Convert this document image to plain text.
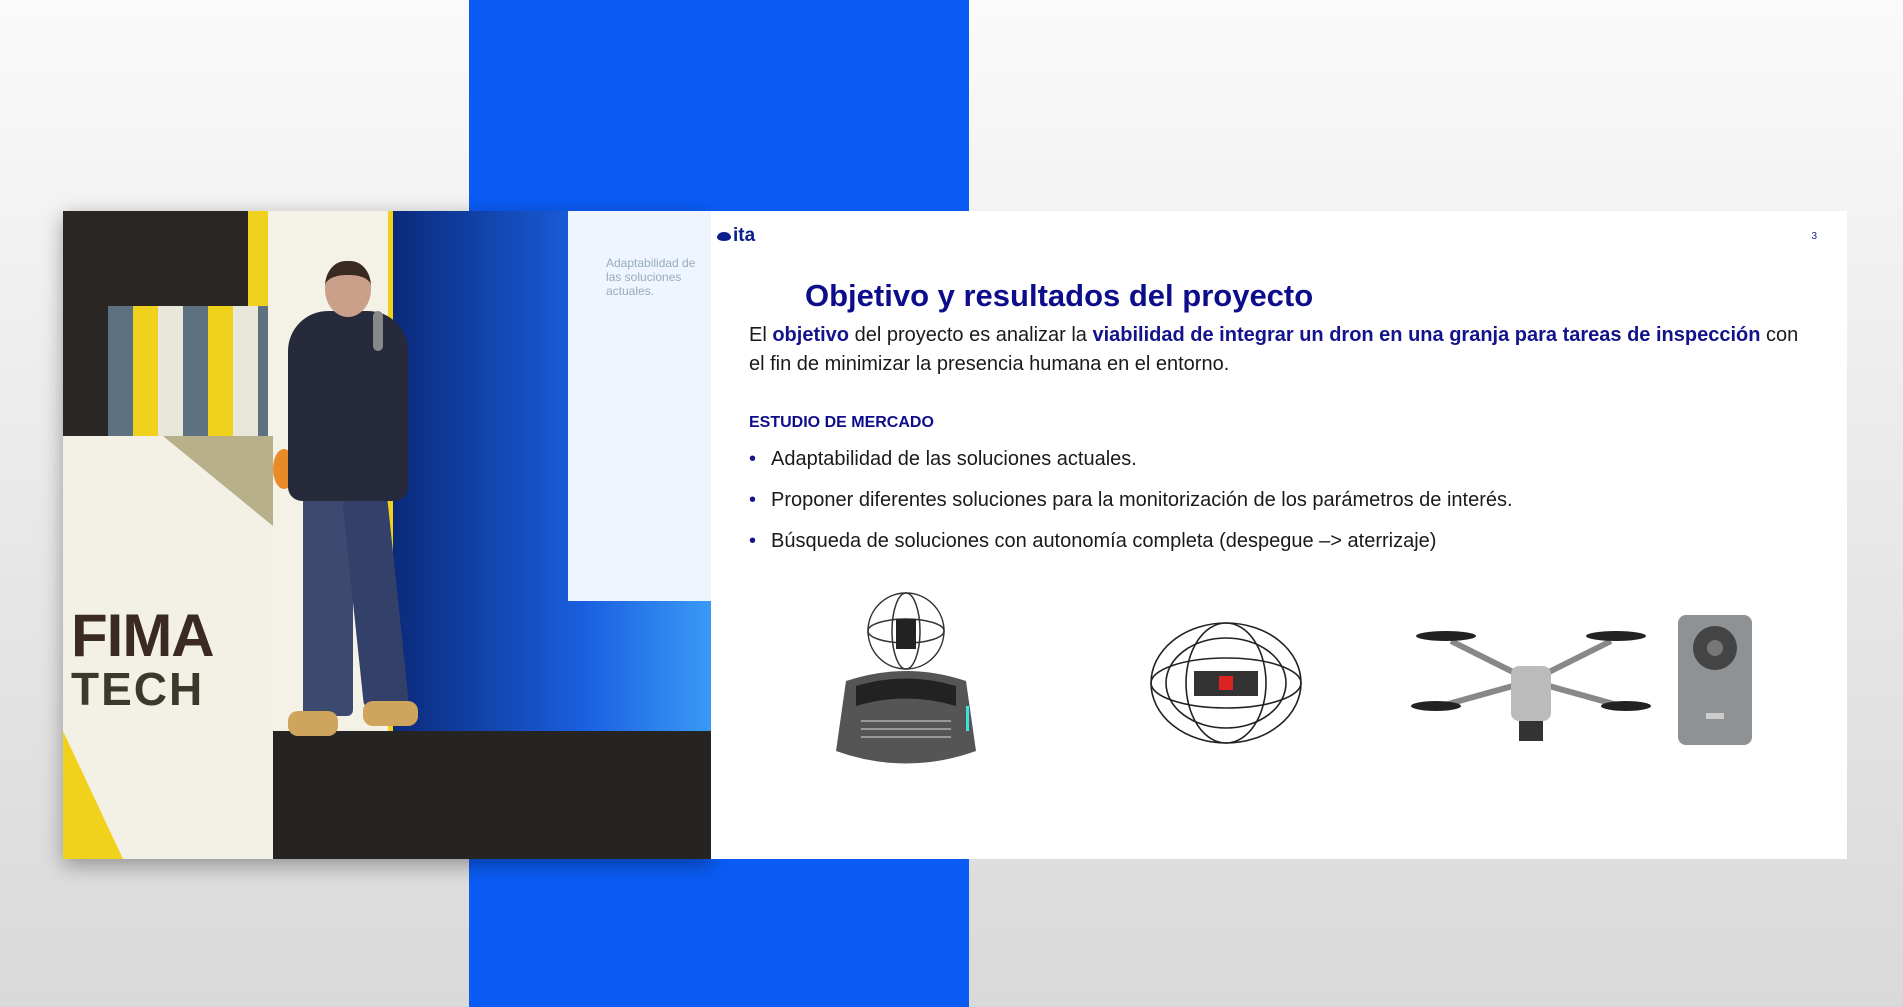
Adaptabilidad de las soluciones actuales.
FIMA
TECH
ita	3
Objetivo y resultados del proyecto
El objetivo del proyecto es analizar la viabilidad de integrar un dron en una granja para tareas de inspección con el fin de minimizar la presencia humana en el entorno.
ESTUDIO DE MERCADO
• Adaptabilidad de las soluciones actuales.
• Proponer diferentes soluciones para la monitorización de los parámetros de interés.
• Búsqueda de soluciones con autonomía completa (despegue –> aterrizaje)
